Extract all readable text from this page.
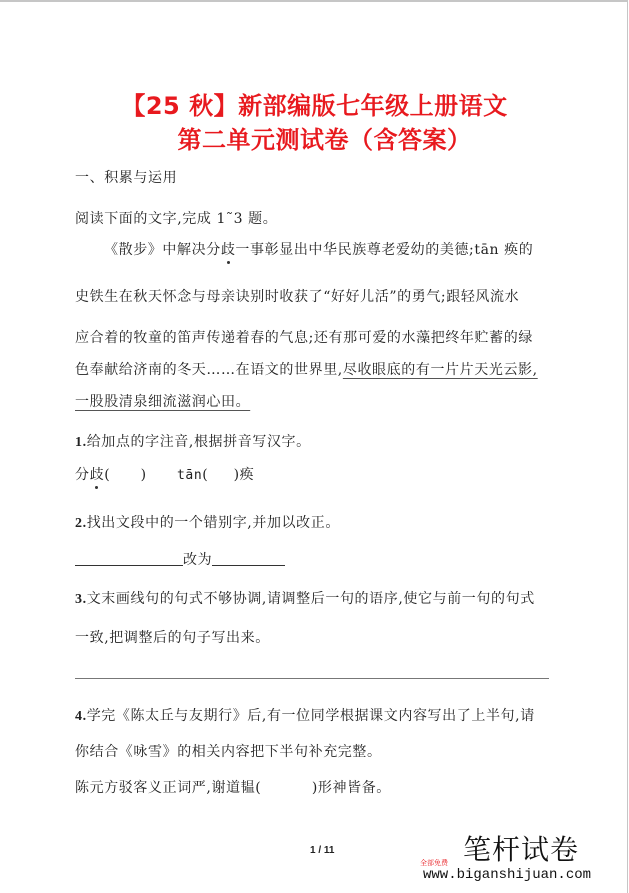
【25 秋】新部编版七年级上册语文
第二单元测试卷（含答案）
一、积累与运用
阅读下面的文字,完成 1˜3 题。
《散步》中解决分歧一事彰显出中华民族尊老爱幼的美德;tān 痪的
史铁生在秋天怀念与母亲诀别时收获了“好好儿活”的勇气;跟轻风流水
应合着的牧童的笛声传递着春的气息;还有那可爱的水藻把终年贮蓄的绿
色奉献给济南的冬天……在语文的世界里,尽收眼底的有一片片天光云影,
一股股清泉细流滋润心田。
1.给加点的字注音,根据拼音写汉字。
分歧(      ) tān(     )痪
2.找出文段中的一个错别字,并加以改正。
改为
3.文末画线句的句式不够协调,请调整后一句的语序,使它与前一句的句式
一致,把调整后的句子写出来。
4.学完《陈太丘与友期行》后,有一位同学根据课文内容写出了上半句,请
你结合《咏雪》的相关内容把下半句补充完整。
陈元方驳客义正词严,谢道韫(	)形神皆备。
1 / 11	笔杆试卷
全部免费
www.biganshijuan.com
